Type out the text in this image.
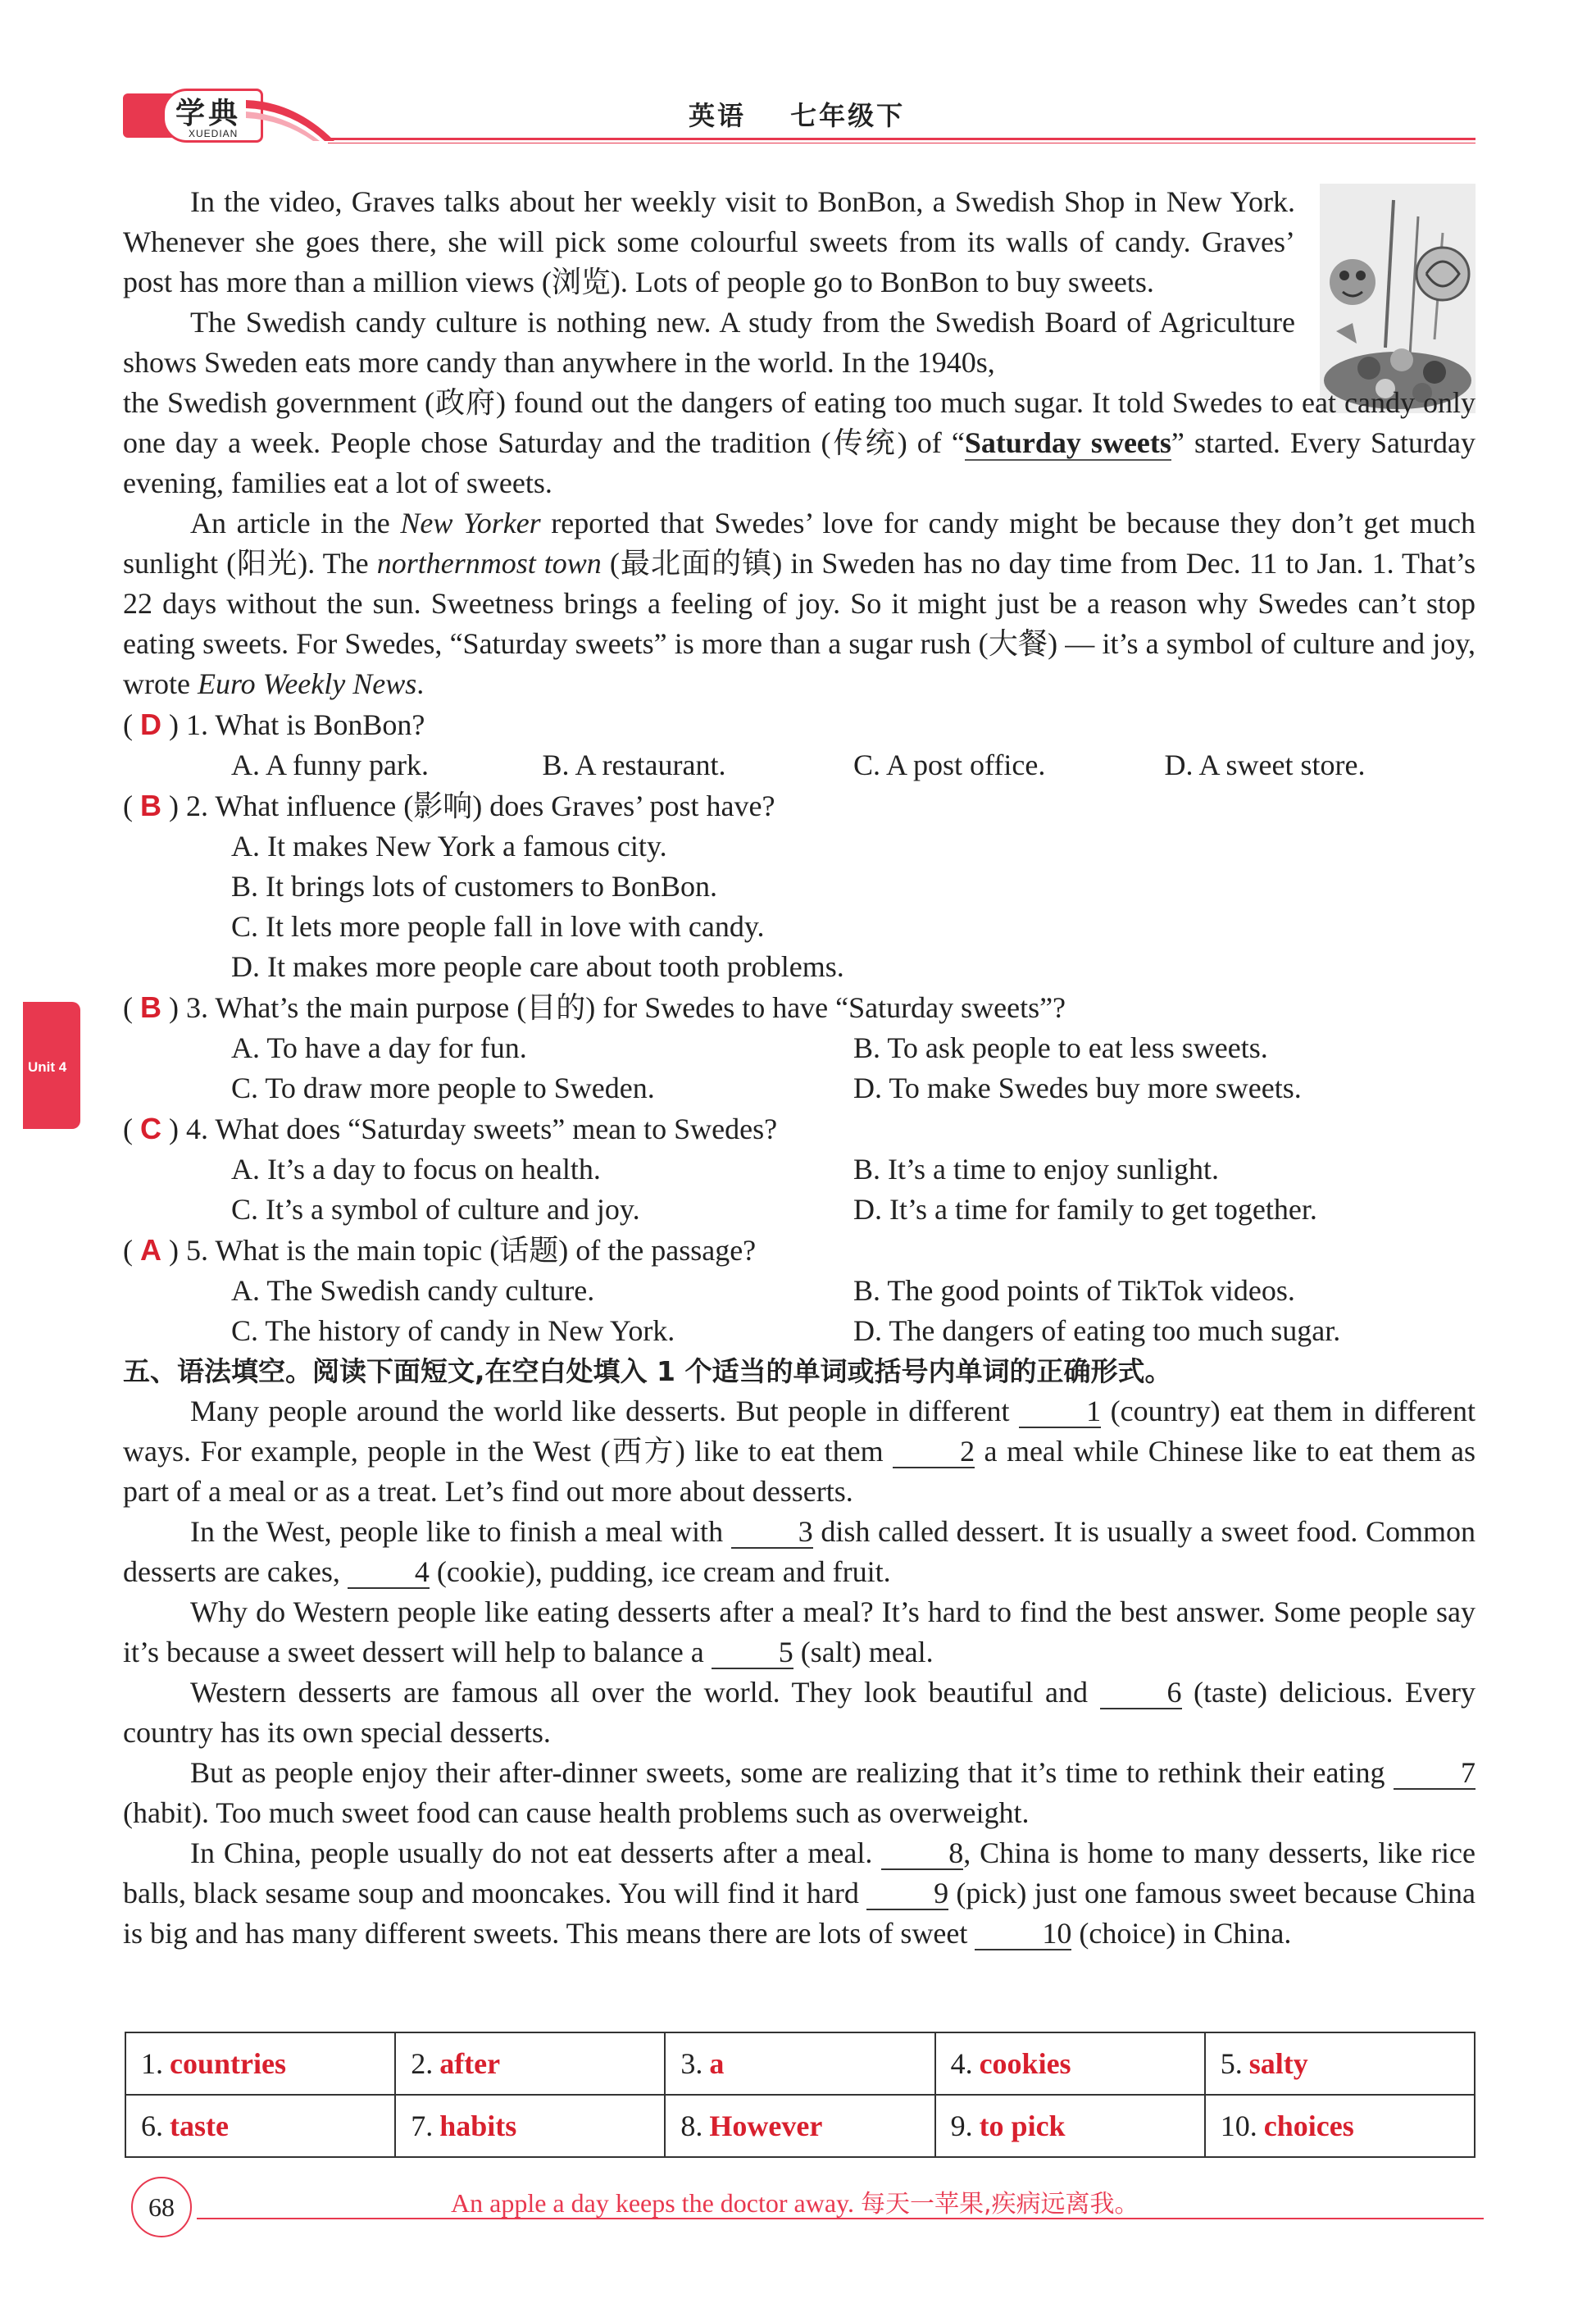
学典
XUEDIAN
英语 七年级下
Unit 4

In the video, Graves talks about her weekly visit to BonBon, a Swedish Shop in New York. Whenever she goes there, she will pick some colourful sweets from its walls of candy. Graves’ post has more than a million views (浏览). Lots of people go to BonBon to buy sweets.

The Swedish candy culture is nothing new. A study from the Swedish Board of Agriculture shows Sweden eats more candy than anywhere in the world. In the 1940s,

the Swedish government (政府) found out the dangers of eating too much sugar. It told Swedes to eat candy only one day a week. People chose Saturday and the tradition (传统) of “Saturday sweets” started. Every Saturday evening, families eat a lot of sweets.

An article in the New Yorker reported that Swedes’ love for candy might be because they don’t get much sunlight (阳光). The northernmost town (最北面的镇) in Sweden has no day time from Dec. 11 to Jan. 1. That’s 22 days without the sun. Sweetness brings a feeling of joy. So it might just be a reason why Swedes can’t stop eating sweets. For Swedes, “Saturday sweets” is more than a sugar rush (大餐) — it’s a symbol of culture and joy, wrote Euro Weekly News.

( D ) 1. What is BonBon?

A. A funny park.	B. A restaurant.	C. A post office.	D. A sweet store.

( B ) 2. What influence (影响) does Graves’ post have?

A. It makes New York a famous city.
B. It brings lots of customers to BonBon.
C. It lets more people fall in love with candy.
D. It makes more people care about tooth problems.

( B ) 3. What’s the main purpose (目的) for Swedes to have “Saturday sweets”?

A. To have a day for fun.	B. To ask people to eat less sweets.
C. To draw more people to Sweden.	D. To make Swedes buy more sweets.

( C ) 4. What does “Saturday sweets” mean to Swedes?

A. It’s a day to focus on health.	B. It’s a time to enjoy sunlight.
C. It’s a symbol of culture and joy.	D. It’s a time for family to get together.

( A ) 5. What is the main topic (话题) of the passage?

A. The Swedish candy culture.	B. The good points of TikTok videos.
C. The history of candy in New York.	D. The dangers of eating too much sugar.

五、语法填空。阅读下面短文,在空白处填入 1 个适当的单词或括号内单词的正确形式。

Many people around the world like desserts. But people in different 1 (country) eat them in different ways. For example, people in the West (西方) like to eat them 2 a meal while Chinese like to eat them as part of a meal or as a treat. Let’s find out more about desserts.

In the West, people like to finish a meal with 3 dish called dessert. It is usually a sweet food. Common desserts are cakes, 4 (cookie), pudding, ice cream and fruit.

Why do Western people like eating desserts after a meal? It’s hard to find the best answer. Some people say it’s because a sweet dessert will help to balance a 5 (salt) meal.

Western desserts are famous all over the world. They look beautiful and 6 (taste) delicious. Every country has its own special desserts.

But as people enjoy their after-dinner sweets, some are realizing that it’s time to rethink their eating 7 (habit). Too much sweet food can cause health problems such as overweight.

In China, people usually do not eat desserts after a meal. 8, China is home to many desserts, like rice balls, black sesame soup and mooncakes. You will find it hard 9 (pick) just one famous sweet because China is big and has many different sweets. This means there are lots of sweet 10 (choice) in China.

1. countries	2. after	3. a	4. cookies	5. salty
6. taste	7. habits	8. However	9. to pick	10. choices
68	An apple a day keeps the doctor away. 每天一苹果,疾病远离我。
